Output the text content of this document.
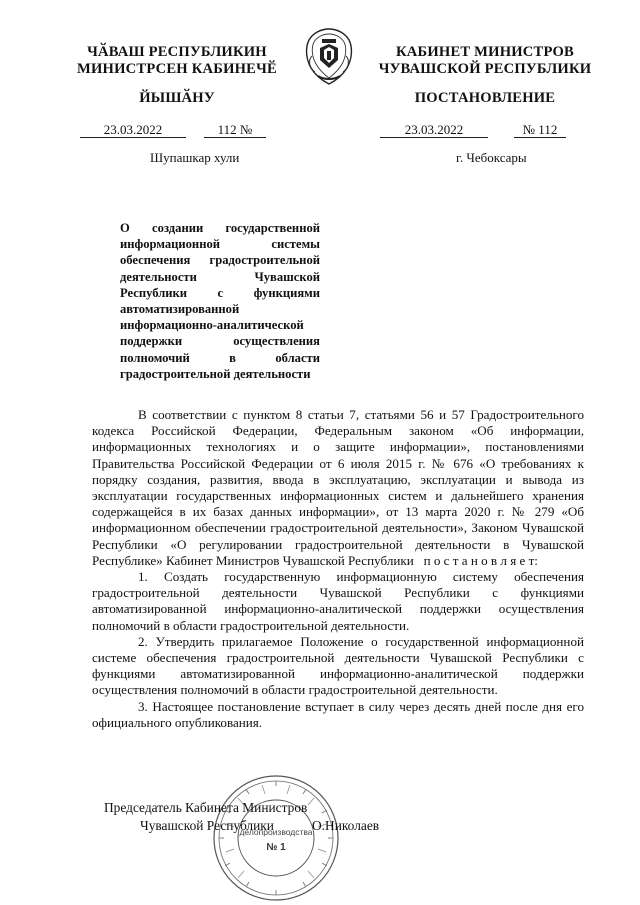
ЧӐВАШ РЕСПУБЛИКИН
МИНИСТРСЕН КАБИНЕЧӖ
ЙЫШӐНУ
КАБИНЕТ МИНИСТРОВ
ЧУВАШСКОЙ РЕСПУБЛИКИ
ПОСТАНОВЛЕНИЕ
23.03.2022	112 №	23.03.2022	№ 112
Шупашкар хули	г. Чебоксары
О создании государственной информационной системы обеспечения градостроительной деятельности Чувашской Республики с функциями автоматизированной информационно-аналитической поддержки осуществления полномочий в области градостроительной деятельности

В соответствии с пунктом 8 статьи 7, статьями 56 и 57 Градостроительного кодекса Российской Федерации, Федеральным законом «Об информации, информационных технологиях и о защите информации», постановлениями Правительства Российской Федерации от 6 июля 2015 г. № 676 «О требованиях к порядку создания, развития, ввода в эксплуатацию, эксплуатации и вывода из эксплуатации государственных информационных систем и дальнейшего хранения содержащейся в их базах данных информации», от 13 марта 2020 г. № 279 «Об информационном обеспечении градостроительной деятельности», Законом Чувашской Республики «О регулировании градостроительной деятельности в Чувашской Республике» Кабинет Министров Чувашской Республики п о с т а н о в л я е т:

1. Создать государственную информационную систему обеспечения градостроительной деятельности Чувашской Республики с функциями автоматизированной информационно-аналитической поддержки осуществления полномочий в области градостроительной деятельности.

2. Утвердить прилагаемое Положение о государственной информационной системе обеспечения градостроительной деятельности Чувашской Республики с функциями автоматизированной информационно-аналитической поддержки осуществления полномочий в области градостроительной деятельности.

3. Настоящее постановление вступает в силу через десять дней после дня его официального опубликования.

делопроизводства
№ 1
Председатель Кабинета Министров
Чувашской Республики	О.Николаев
